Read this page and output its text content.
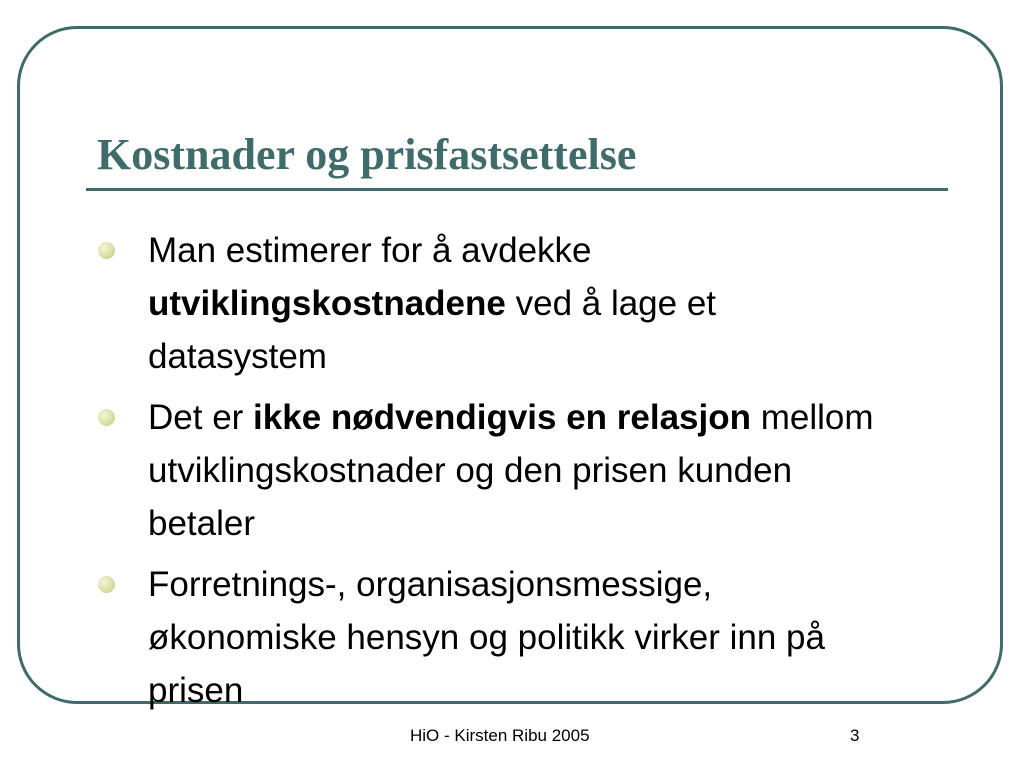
Kostnader og prisfastsettelse
Man estimerer for å avdekke utviklingskostnadene ved å lage et datasystem
Det er ikke nødvendigvis en relasjon mellom utviklingskostnader og den prisen kunden betaler
Forretnings-, organisasjonsmessige, økonomiske hensyn og politikk virker inn på prisen
HiO - Kirsten Ribu 2005	3
